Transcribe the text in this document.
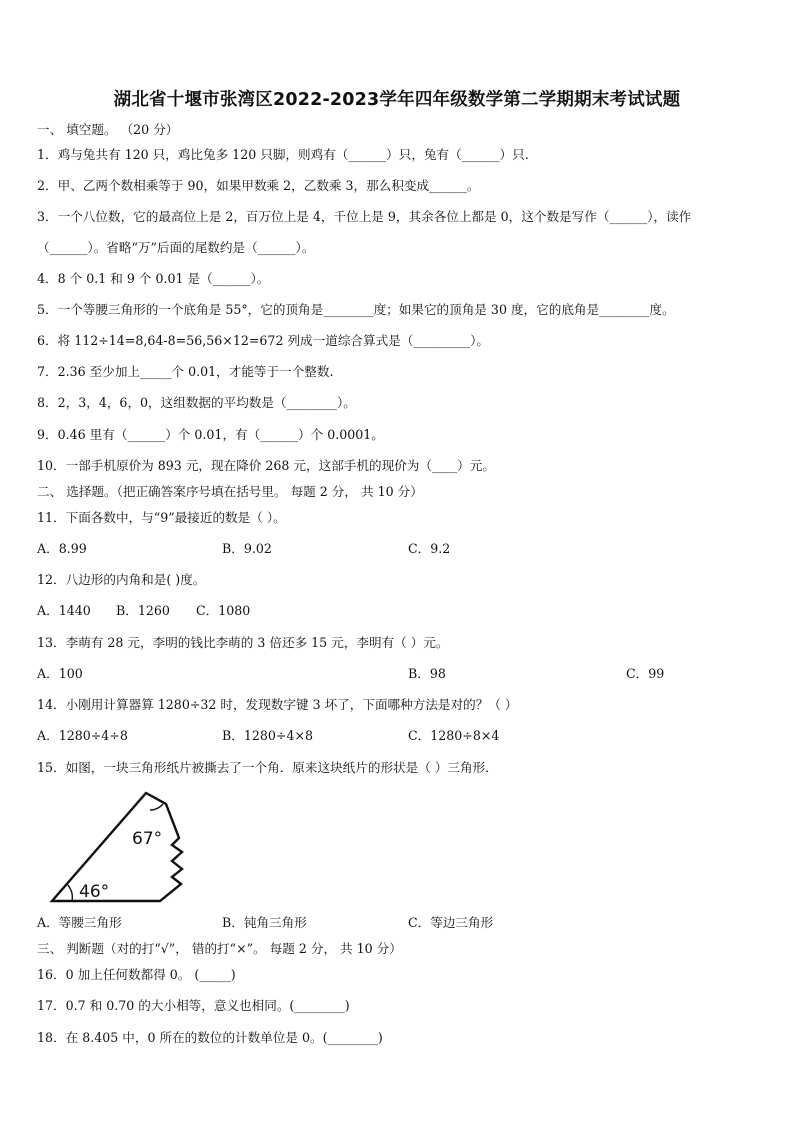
湖北省十堰市张湾区2022-2023学年四年级数学第二学期期末考试试题
一、 填空题。 （20 分）
1．鸡与兔共有 120 只，鸡比兔多 120 只脚，则鸡有（______）只，兔有（______）只.
2．甲、乙两个数相乘等于 90，如果甲数乘 2，乙数乘 3，那么积变成______。
3．一个八位数，它的最高位上是 2，百万位上是 4，千位上是 9，其余各位上都是 0，这个数是写作（______），读作
（______）。省略“万”后面的尾数约是（______）。
4．8 个 0.1 和 9 个 0.01 是（______）。
5．一个等腰三角形的一个底角是 55°，它的顶角是________度；如果它的顶角是 30 度，它的底角是________度。
6．将 112÷14=8,64-8=56,56×12=672 列成一道综合算式是（_________）。
7．2.36 至少加上_____个 0.01，才能等于一个整数.
8．2，3，4，6，0，这组数据的平均数是（________）。
9．0.46 里有（______）个 0.01，有（______）个 0.0001。
10．一部手机原价为 893 元，现在降价 268 元，这部手机的现价为（____）元。
二、 选择题。（把正确答案序号填在括号里。 每题 2 分， 共 10 分）
11．下面各数中，与“9”最接近的数是（ ）。
A．8.99	B．9.02	C．9.2
12．八边形的内角和是( )度。
A．1440 B．1260 C．1080
13．李萌有 28 元，李明的钱比李萌的 3 倍还多 15 元，李明有（ ）元。
A．100	B．98	C．99
14．小刚用计算器算 1280÷32 时，发现数字键 3 坏了，下面哪种方法是对的？（ ）
A．1280÷4÷8	B．1280÷4×8	C．1280÷8×4
15．如图，一块三角形纸片被撕去了一个角．原来这块纸片的形状是（ ）三角形．
67°
46°
A．等腰三角形	B．钝角三角形	C．等边三角形
三、 判断题（对的打“√”， 错的打“×”。 每题 2 分， 共 10 分）
16．0 加上任何数都得 0。 (_____)
17．0.7 和 0.70 的大小相等，意义也相同。(________)
18．在 8.405 中，0 所在的数位的计数单位是 0。(________)
